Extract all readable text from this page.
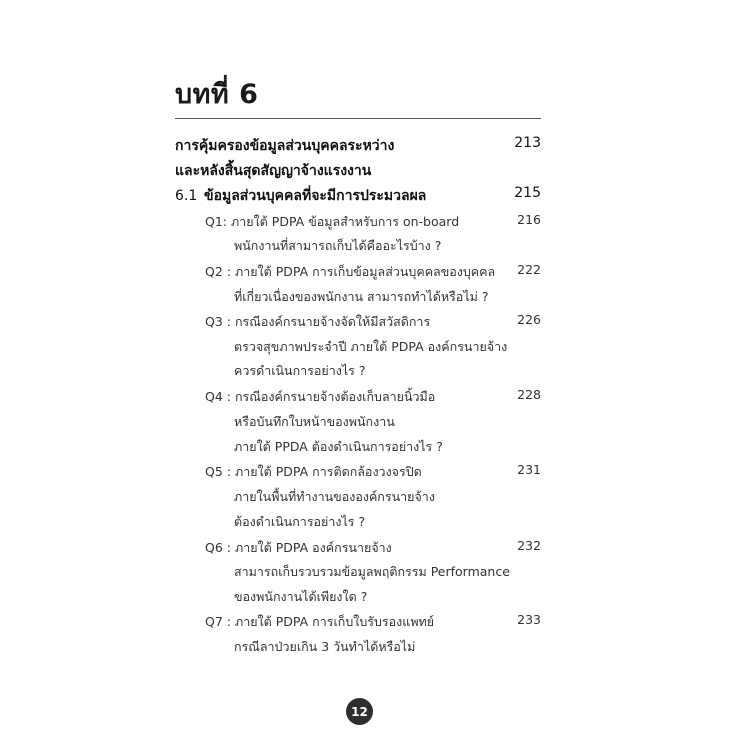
บทที่ 6
การคุ้มครองข้อมูลส่วนบุคคลระหว่าง	213
และหลังสิ้นสุดสัญญาจ้างแรงงาน
6.1 ข้อมูลส่วนบุคคลที่จะมีการประมวลผล	215
Q1: ภายใต้ PDPA ข้อมูลสำหรับการ on-board	216
พนักงานที่สามารถเก็บได้คืออะไรบ้าง ?
Q2 : ภายใต้ PDPA การเก็บข้อมูลส่วนบุคคลของบุคคล 222
ที่เกี่ยวเนื่องของพนักงาน สามารถทำได้หรือไม่ ?
Q3 : กรณีองค์กรนายจ้างจัดให้มีสวัสดิการ	226
ตรวจสุขภาพประจำปี ภายใต้ PDPA องค์กรนายจ้าง
ควรดำเนินการอย่างไร ?
Q4 : กรณีองค์กรนายจ้างต้องเก็บลายนิ้วมือ	228
หรือบันทึกใบหน้าของพนักงาน
ภายใต้ PPDA ต้องดำเนินการอย่างไร ?
Q5 : ภายใต้ PDPA การติดกล้องวงจรปิด	231
ภายในพื้นที่ทำงานขององค์กรนายจ้าง
ต้องดำเนินการอย่างไร ?
Q6 : ภายใต้ PDPA องค์กรนายจ้าง	232
สามารถเก็บรวบรวมข้อมูลพฤติกรรม Performance
ของพนักงานได้เพียงใด ?
Q7 : ภายใต้ PDPA การเก็บใบรับรองแพทย์	233
กรณีลาป่วยเกิน 3 วันทำได้หรือไม่
12
